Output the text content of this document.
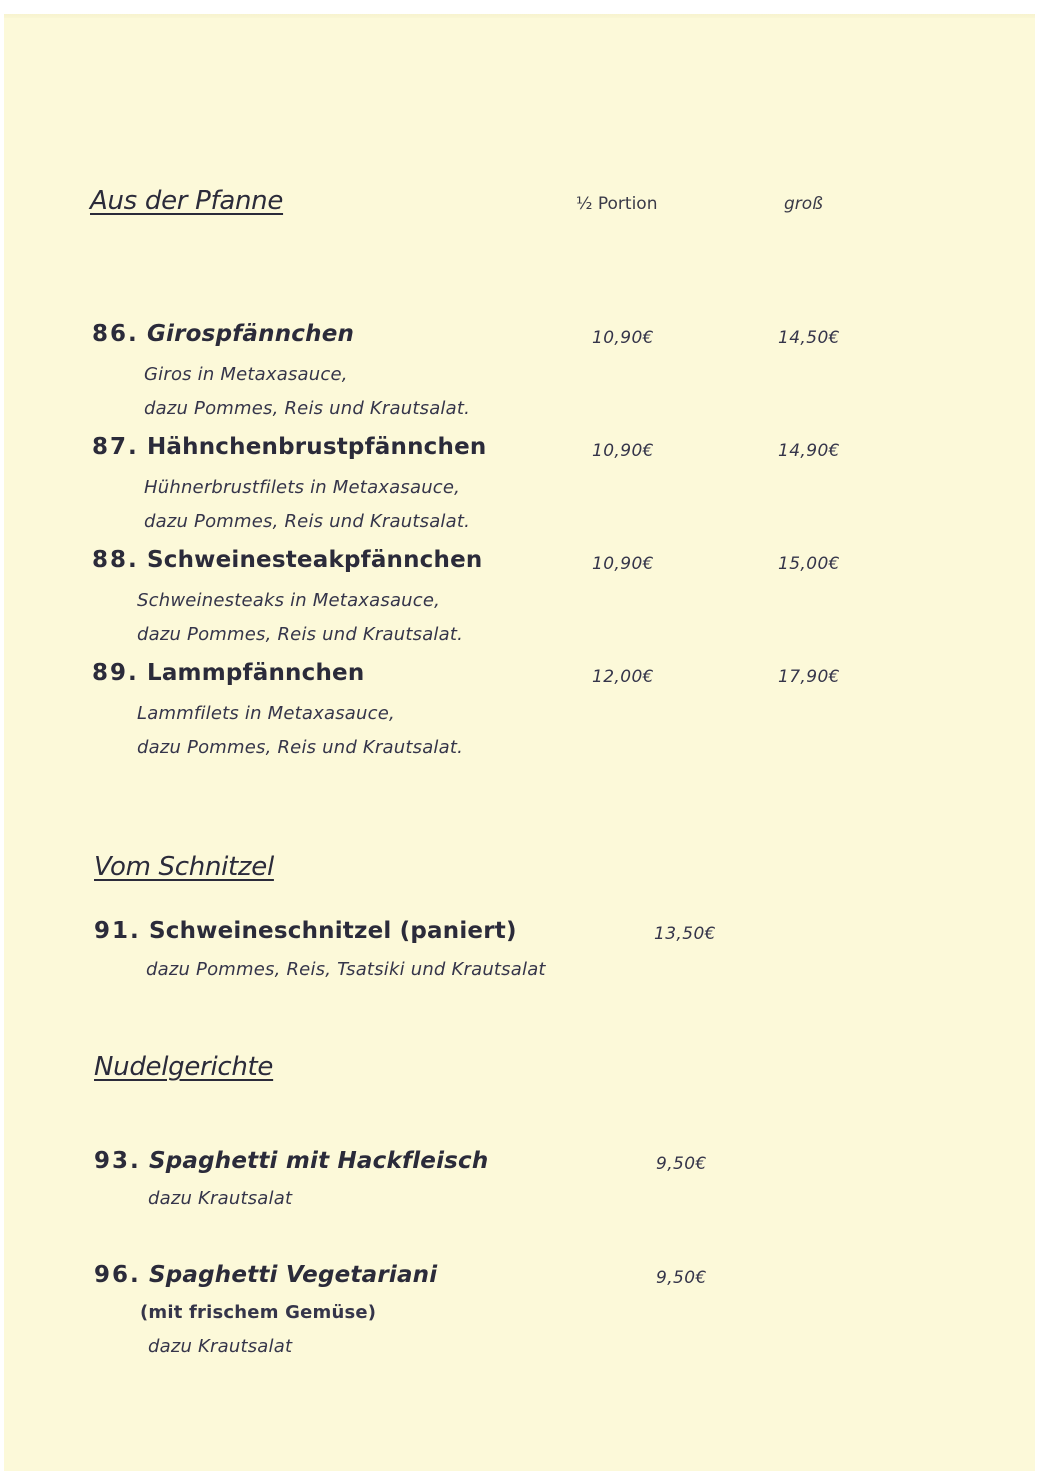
Aus der Pfanne	½ Portion	groß
86. Girospfännchen	10,90€	14,50€
Giros in Metaxasauce,
dazu Pommes, Reis und Krautsalat.
87. Hähnchenbrustpfännchen	10,90€	14,90€
Hühnerbrustfilets in Metaxasauce,
dazu Pommes, Reis und Krautsalat.
88. Schweinesteakpfännchen	10,90€	15,00€
Schweinesteaks in Metaxasauce,
dazu Pommes, Reis und Krautsalat.
89. Lammpfännchen	12,00€	17,90€
Lammfilets in Metaxasauce,
dazu Pommes, Reis und Krautsalat.
Vom Schnitzel
91. Schweineschnitzel (paniert)	13,50€
dazu Pommes, Reis, Tsatsiki und Krautsalat
Nudelgerichte
93. Spaghetti mit Hackfleisch	9,50€
dazu Krautsalat
96. Spaghetti Vegetariani	9,50€
(mit frischem Gemüse)
dazu Krautsalat
